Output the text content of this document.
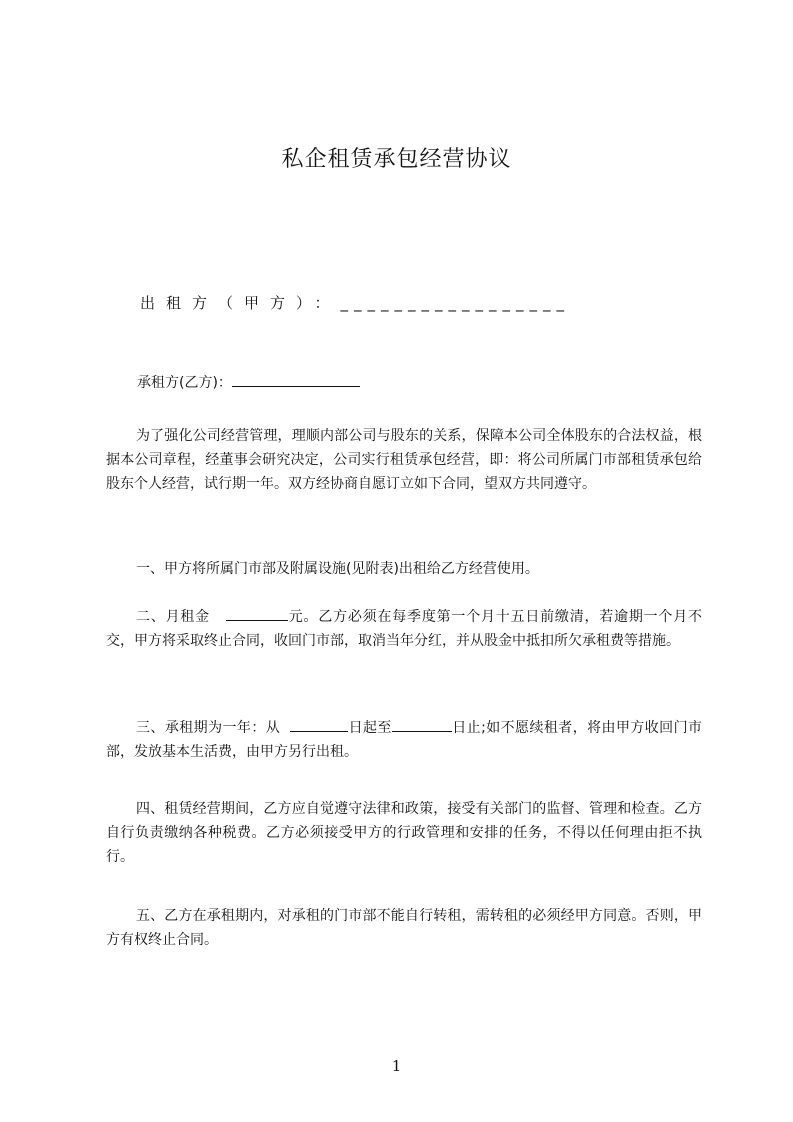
私企租赁承包经营协议
出租方（甲方）：_________________
承租方(乙方)：
为了强化公司经营管理，理顺内部公司与股东的关系，保障本公司全体股东的合法权益，根据本公司章程，经董事会研究决定，公司实行租赁承包经营，即：将公司所属门市部租赁承包给股东个人经营，试行期一年。双方经协商自愿订立如下合同，望双方共同遵守。
一、甲方将所属门市部及附属设施(见附表)出租给乙方经营使用。
二、月租金	元。乙方必须在每季度第一个月十五日前缴清，若逾期一个月不交，甲方将采取终止合同，收回门市部，取消当年分红，并从股金中抵扣所欠承租费等措施。
三、承租期为一年：从	日起至	日止;如不愿续租者，将由甲方收回门市部，发放基本生活费，由甲方另行出租。
四、租赁经营期间，乙方应自觉遵守法律和政策，接受有关部门的监督、管理和检查。乙方自行负责缴纳各种税费。乙方必须接受甲方的行政管理和安排的任务，不得以任何理由拒不执行。
五、乙方在承租期内，对承租的门市部不能自行转租，需转租的必须经甲方同意。否则，甲方有权终止合同。
1
